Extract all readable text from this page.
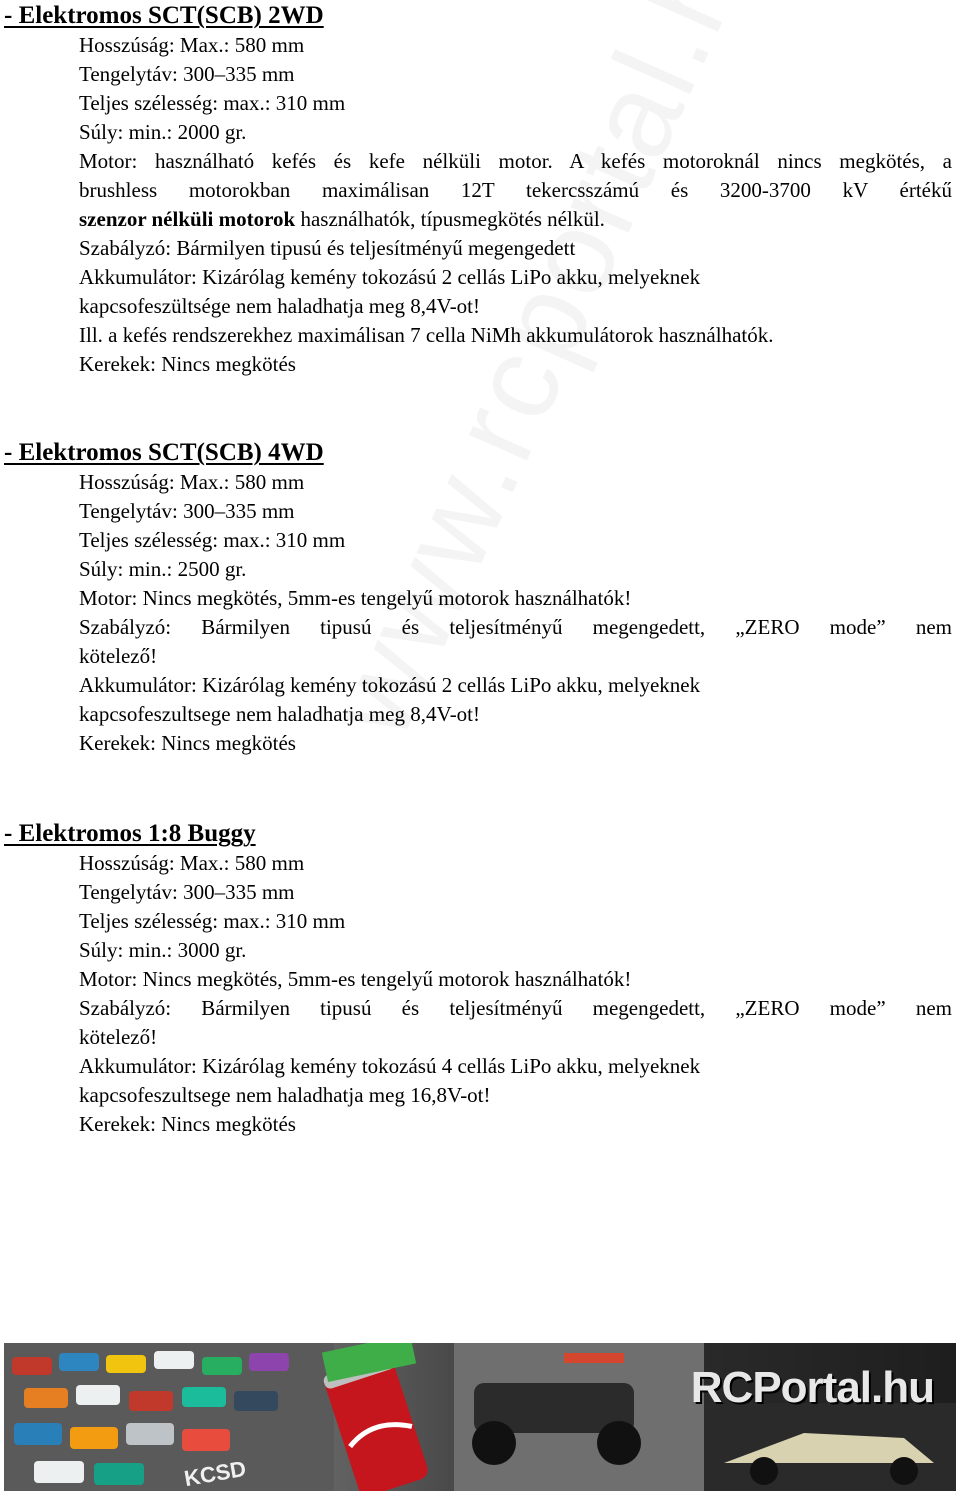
- Elektromos SCT(SCB) 2WD
Hosszúság: Max.: 580 mm
Tengelytáv: 300–335 mm
Teljes szélesség: max.: 310 mm
Súly: min.: 2000 gr.
Motor: használható kefés és kefe nélküli motor. A kefés motoroknál nincs megkötés, a
brushless motorokban maximálisan 12T tekercsszámú és 3200-3700 kV értékű
szenzor nélküli motorok használhatók, típusmegkötés nélkül.
Szabályzó: Bármilyen tipusú és teljesítményű megengedett
Akkumulátor: Kizárólag kemény tokozású 2 cellás LiPo akku, melyeknek
kapcsofeszültsége nem haladhatja meg 8,4V-ot!
Ill. a kefés rendszerekhez maximálisan 7 cella NiMh akkumulátorok használhatók.
Kerekek: Nincs megkötés
- Elektromos SCT(SCB) 4WD
Hosszúság: Max.: 580 mm
Tengelytáv: 300–335 mm
Teljes szélesség: max.: 310 mm
Súly: min.: 2500 gr.
Motor: Nincs megkötés, 5mm-es tengelyű motorok használhatók!
Szabályzó: Bármilyen tipusú és teljesítményű megengedett, „ZERO mode” nem
kötelező!
Akkumulátor: Kizárólag kemény tokozású 2 cellás LiPo akku, melyeknek
kapcsofeszultsege nem haladhatja meg 8,4V-ot!
Kerekek: Nincs megkötés
- Elektromos 1:8 Buggy
Hosszúság: Max.: 580 mm
Tengelytáv: 300–335 mm
Teljes szélesség: max.: 310 mm
Súly: min.: 3000 gr.
Motor: Nincs megkötés, 5mm-es tengelyű motorok használhatók!
Szabályzó: Bármilyen tipusú és teljesítményű megengedett, „ZERO mode” nem
kötelező!
Akkumulátor: Kizárólag kemény tokozású 4 cellás LiPo akku, melyeknek
kapcsofeszultsege nem haladhatja meg 16,8V-ot!
Kerekek: Nincs megkötés
RCPortal.hu
KCSD
